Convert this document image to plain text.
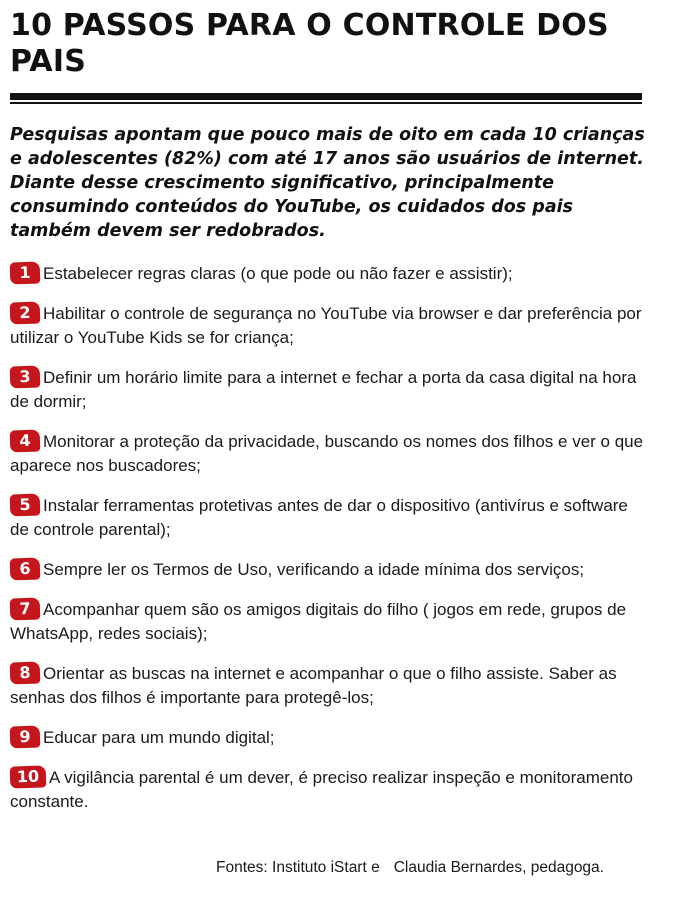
10 PASSOS PARA O CONTROLE DOS PAIS

Pesquisas apontam que pouco mais de oito em cada 10 crianças e adolescentes (82%) com até 17 anos são usuários de internet. Diante desse crescimento significativo, principalmente consumindo conteúdos do YouTube, os cuidados dos pais também devem ser redobrados.

1 Estabelecer regras claras (o que pode ou não fazer e assistir);
2 Habilitar o controle de segurança no YouTube via browser e dar preferência por utilizar o YouTube Kids se for criança;
3 Definir um horário limite para a internet e fechar a porta da casa digital na hora de dormir;
4 Monitorar a proteção da privacidade, buscando os nomes dos filhos e ver o que aparece nos buscadores;
5 Instalar ferramentas protetivas antes de dar o dispositivo (antivírus e software de controle parental);
6 Sempre ler os Termos de Uso, verificando a idade mínima dos serviços;
7 Acompanhar quem são os amigos digitais do filho ( jogos em rede, grupos de WhatsApp, redes sociais);
8 Orientar as buscas na internet e acompanhar o que o filho assiste. Saber as senhas dos filhos é importante para protegê-los;
9 Educar para um mundo digital;
10 A vigilância parental é um dever, é preciso realizar inspeção e monitoramento constante.

Fontes: Instituto iStart e Claudia Bernardes, pedagoga.
